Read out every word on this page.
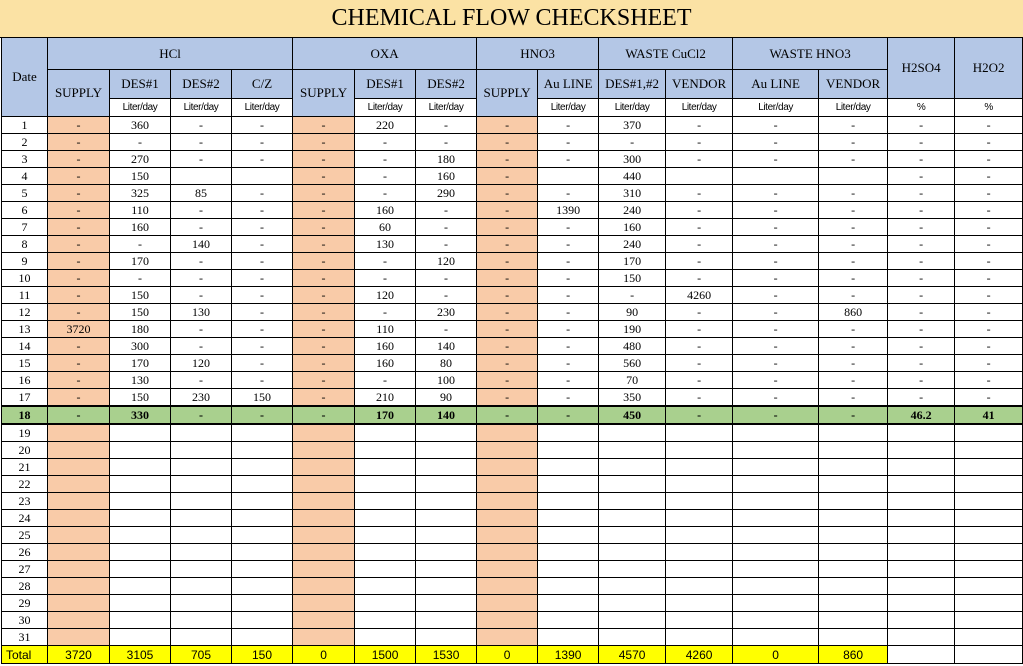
CHEMICAL FLOW CHECKSHEET
Date	HCl				OXA			HNO3		WASTE CuCl2		WASTE HNO3		H2SO4	H2O2
	SUPPLY	DES#1	DES#2	C/Z	SUPPLY	DES#1	DES#2	SUPPLY	Au LINE	DES#1,#2	VENDOR	Au LINE	VENDOR		
		Liter/day	Liter/day	Liter/day		Liter/day	Liter/day		Liter/day	Liter/day	Liter/day	Liter/day	Liter/day	%	%
1	-	360	-	-	-	220	-	-	-	370	-	-	-	-	-
2	-	-	-	-	-	-	-	-	-	-	-	-	-	-	-
3	-	270	-	-	-	-	180	-	-	300	-	-	-	-	-
4	-	150			-	-	160	-		440				-	-
5	-	325	85	-	-	-	290	-	-	310	-	-	-	-	-
6	-	110	-	-	-	160	-	-	1390	240	-	-	-	-	-
7	-	160	-	-	-	60	-	-	-	160	-	-	-	-	-
8	-	-	140	-	-	130	-	-	-	240	-	-	-	-	-
9	-	170	-	-	-	-	120	-	-	170	-	-	-	-	-
10	-	-	-	-	-	-	-	-	-	150	-	-	-	-	-
11	-	150	-	-	-	120	-	-	-	-	4260	-	-	-	-
12	-	150	130	-	-	-	230	-	-	90	-	-	860	-	-
13	3720	180	-	-	-	110	-	-	-	190	-	-	-	-	-
14	-	300	-	-	-	160	140	-	-	480	-	-	-	-	-
15	-	170	120	-	-	160	80	-	-	560	-	-	-	-	-
16	-	130	-	-	-	-	100	-	-	70	-	-	-	-	-
17	-	150	230	150	-	210	90	-	-	350	-	-	-	-	-
18	-	330	-	-	-	170	140	-	-	450	-	-	-	46.2	41
19															
20															
21															
22															
23															
24															
25															
26															
27															
28															
29															
30															
31															
Total	3720	3105	705	150	0	1500	1530	0	1390	4570	4260	0	860		
